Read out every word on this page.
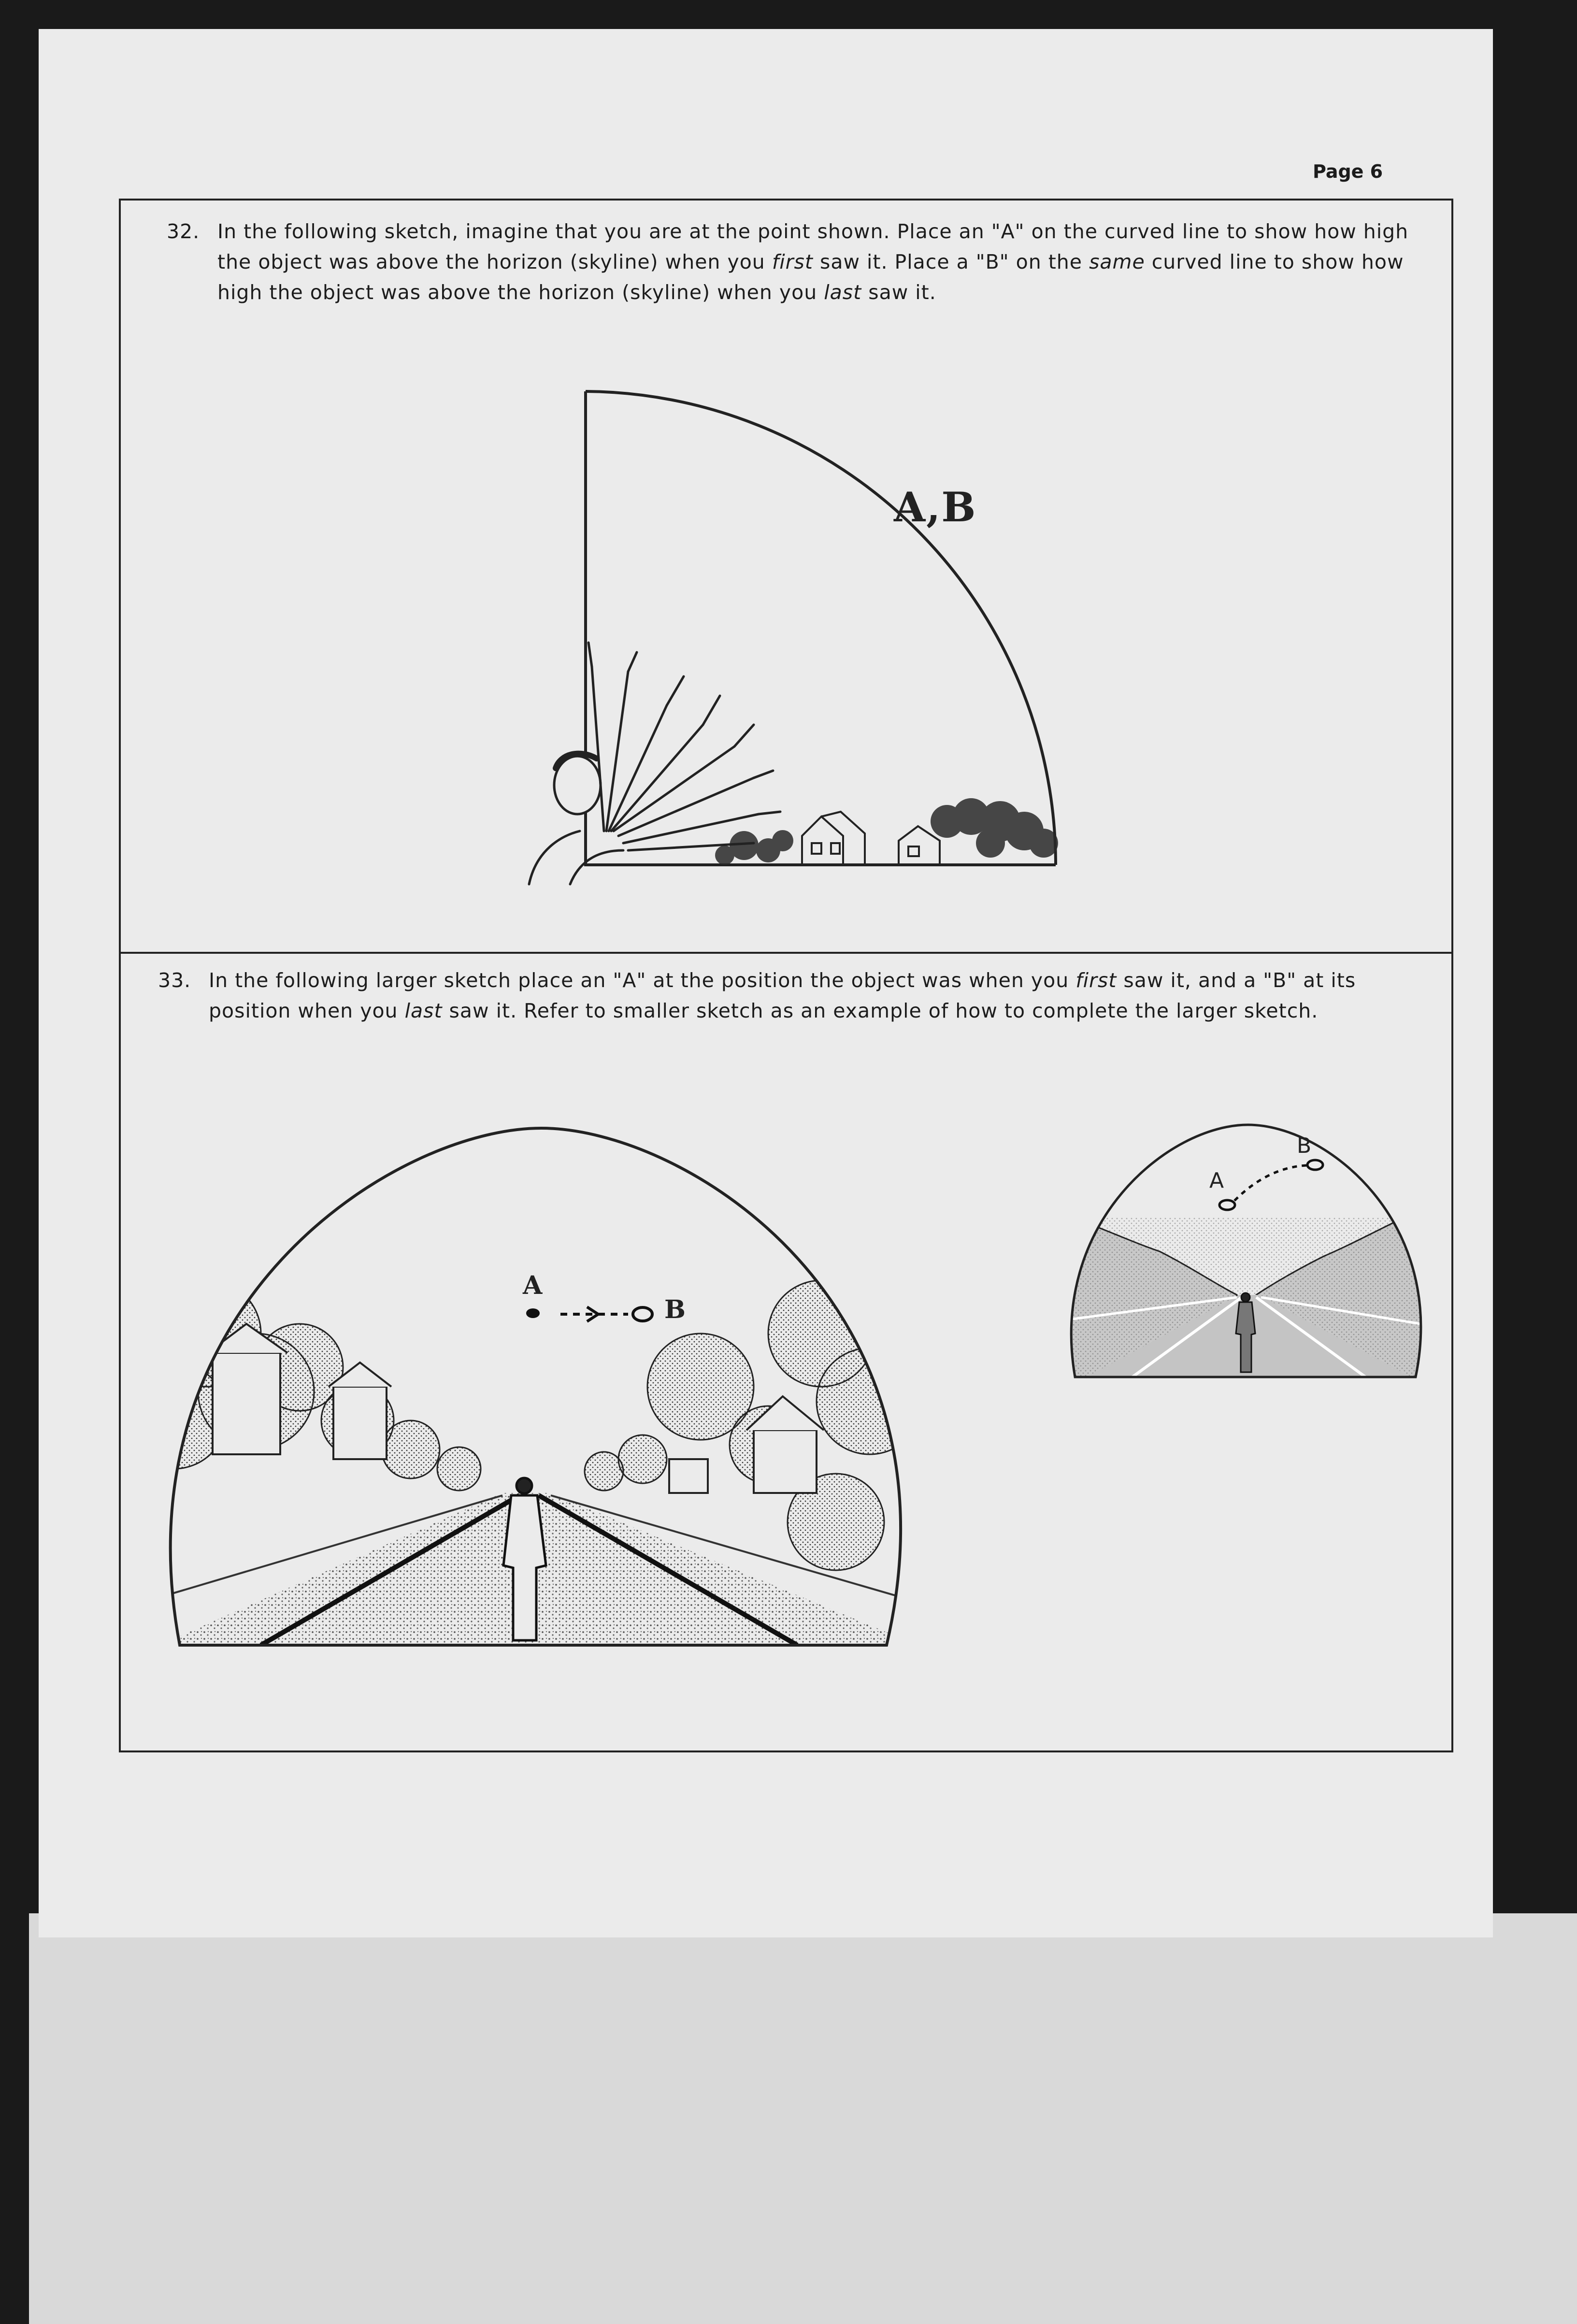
Page 6
32. In the following sketch, imagine that you are at the point shown. Place an "A" on the curved line to show how high the object was above the horizon (skyline) when you first saw it. Place a "B" on the same curved line to show how high the object was above the horizon (skyline) when you last saw it.
A,B
33. In the following larger sketch place an "A" at the position the object was when you first saw it, and a "B" at its position when you last saw it. Refer to smaller sketch as an example of how to complete the larger sketch.
A
B
A
B
